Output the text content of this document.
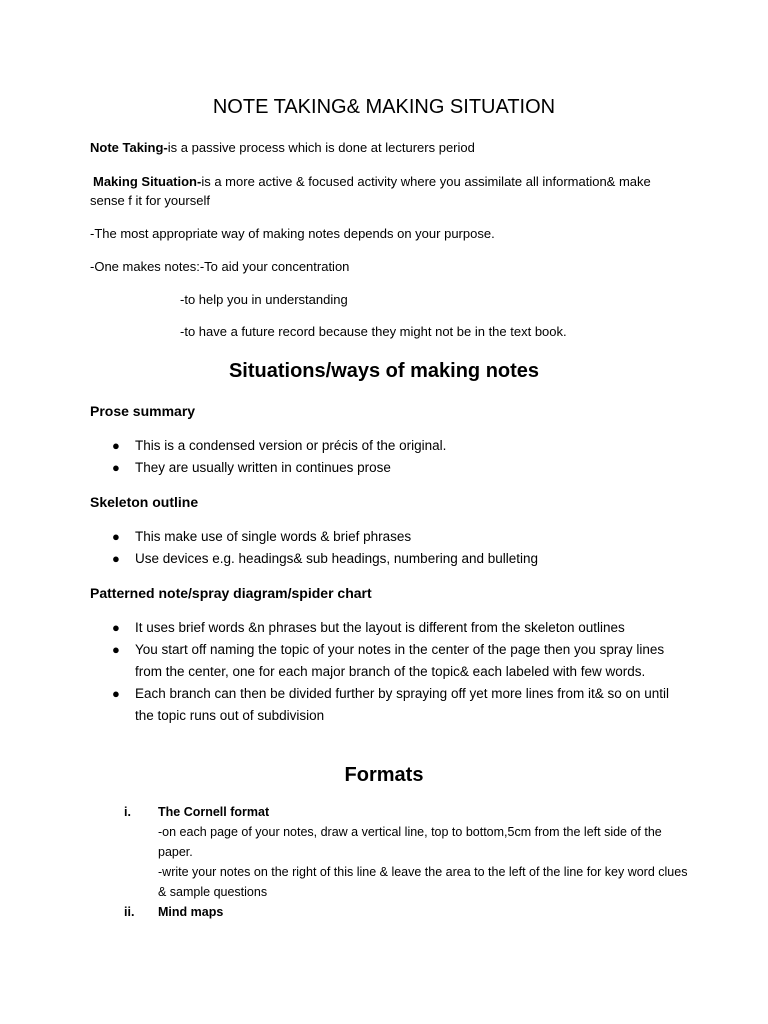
NOTE TAKING& MAKING SITUATION

Note Taking-is a passive process which is done at lecturers period

Making Situation-is a more active & focused activity where you assimilate all information& make sense f it for yourself

-The most appropriate way of making notes depends on your purpose.

-One makes notes:-To aid your concentration

-to help you in understanding

-to have a future record because they might not be in the text book.

Situations/ways of making notes
Prose summary
● This is a condensed version or précis of the original.
● They are usually written in continues prose
Skeleton outline
● This make use of single words & brief phrases
● Use devices e.g. headings& sub headings, numbering and bulleting
Patterned note/spray diagram/spider chart
● It uses brief words &n phrases but the layout is different from the skeleton outlines
● You start off naming the topic of your notes in the center of the page then you spray lines from the center, one for each major branch of the topic& each labeled with few words.
● Each branch can then be divided further by spraying off yet more lines from it& so on until the topic runs out of subdivision
Formats
i. The Cornell format
-on each page of your notes, draw a vertical line, top to bottom,5cm from the left side of the paper.
-write your notes on the right of this line & leave the area to the left of the line for key word clues & sample questions
ii. Mind maps
